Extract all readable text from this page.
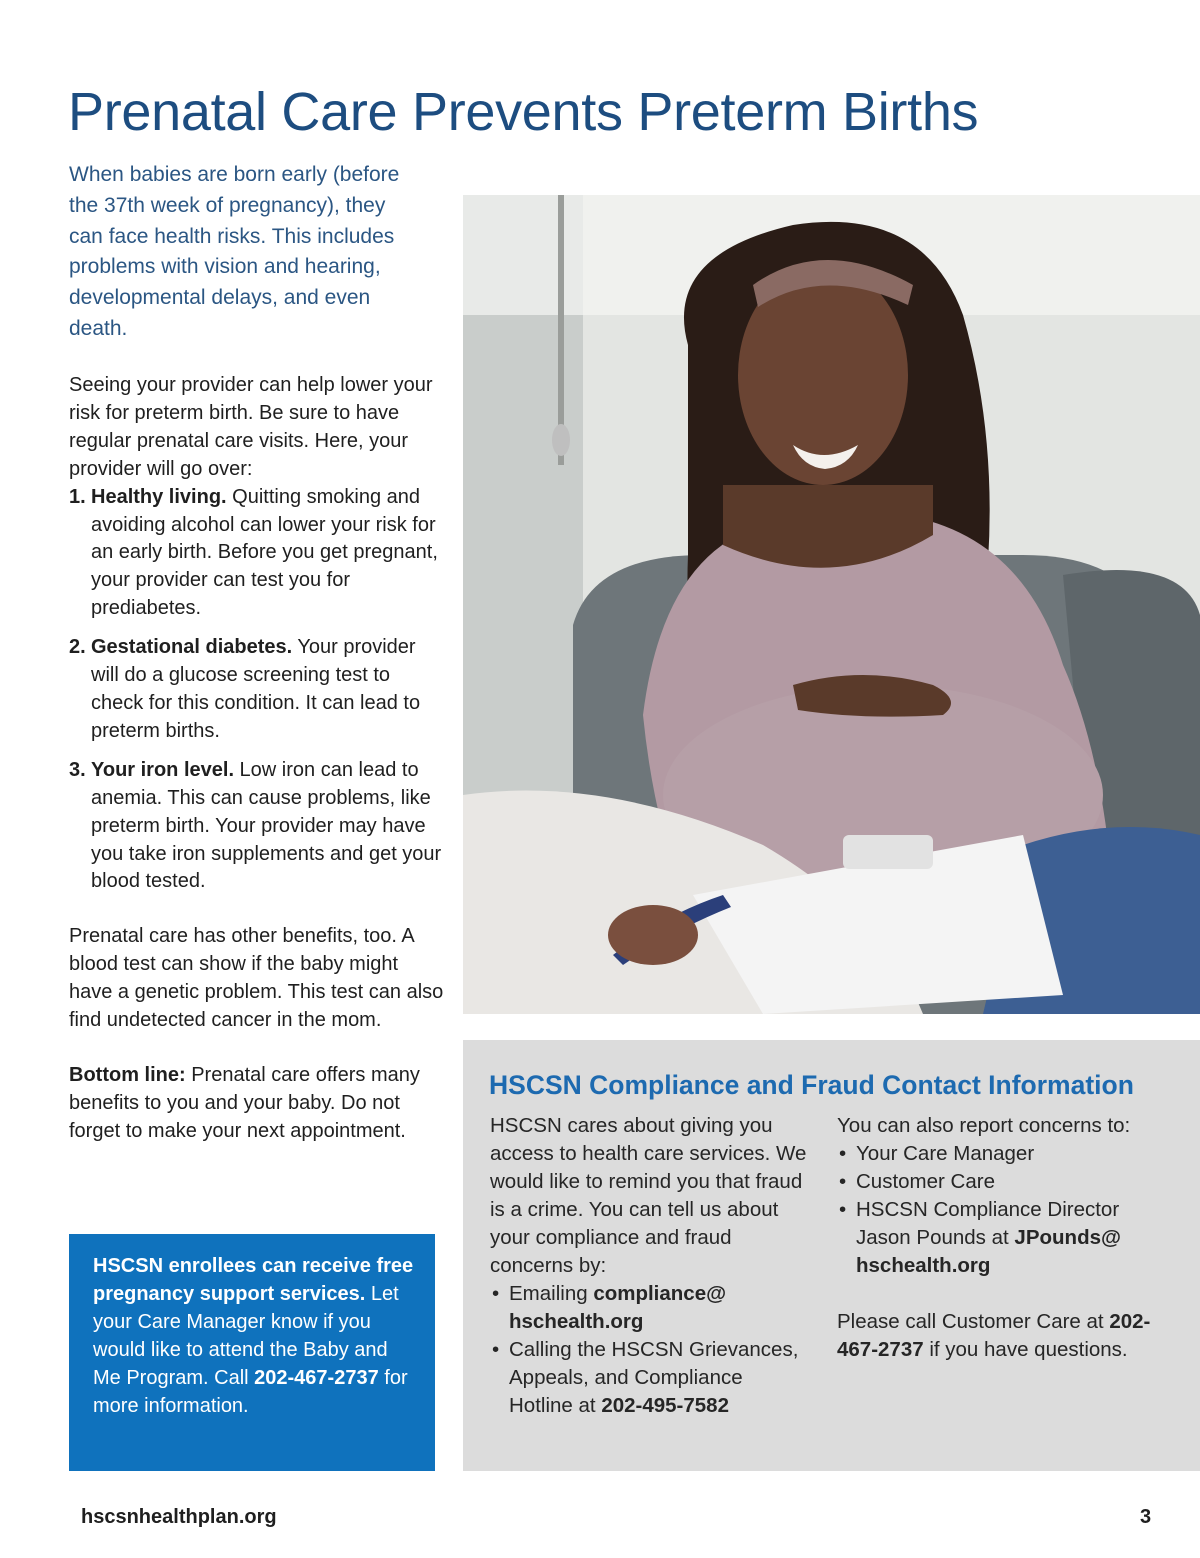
Prenatal Care Prevents Preterm Births

When babies are born early (before the 37th week of pregnancy), they can face health risks. This includes problems with vision and hearing, developmental delays, and even death.

Seeing your provider can help lower your risk for preterm birth. Be sure to have regular prenatal care visits. Here, your provider will go over:

1. Healthy living. Quitting smoking and avoiding alcohol can lower your risk for an early birth. Before you get pregnant, your provider can test you for prediabetes.
2. Gestational diabetes. Your provider will do a glucose screening test to check for this condition. It can lead to preterm births.
3. Your iron level. Low iron can lead to anemia. This can cause problems, like preterm birth. Your provider may have you take iron supplements and get your blood tested.

Prenatal care has other benefits, too. A blood test can show if the baby might have a genetic problem. This test can also find undetected cancer in the mom.

Bottom line: Prenatal care offers many benefits to you and your baby. Do not forget to make your next appointment.

HSCSN enrollees can receive free pregnancy support services. Let your Care Manager know if you would like to attend the Baby and Me Program. Call 202-467-2737 for more information.
HSCSN Compliance and Fraud Contact Information

HSCSN cares about giving you access to health care services. We would like to remind you that fraud is a crime. You can tell us about your compliance and fraud concerns by:

• Emailing compliance@ hschealth.org
• Calling the HSCSN Grievances, Appeals, and Compliance Hotline at 202-495-7582

You can also report concerns to:

• Your Care Manager
• Customer Care
• HSCSN Compliance Director Jason Pounds at JPounds@ hschealth.org

Please call Customer Care at 202-467-2737 if you have questions.

hscsnhealthplan.org	3
